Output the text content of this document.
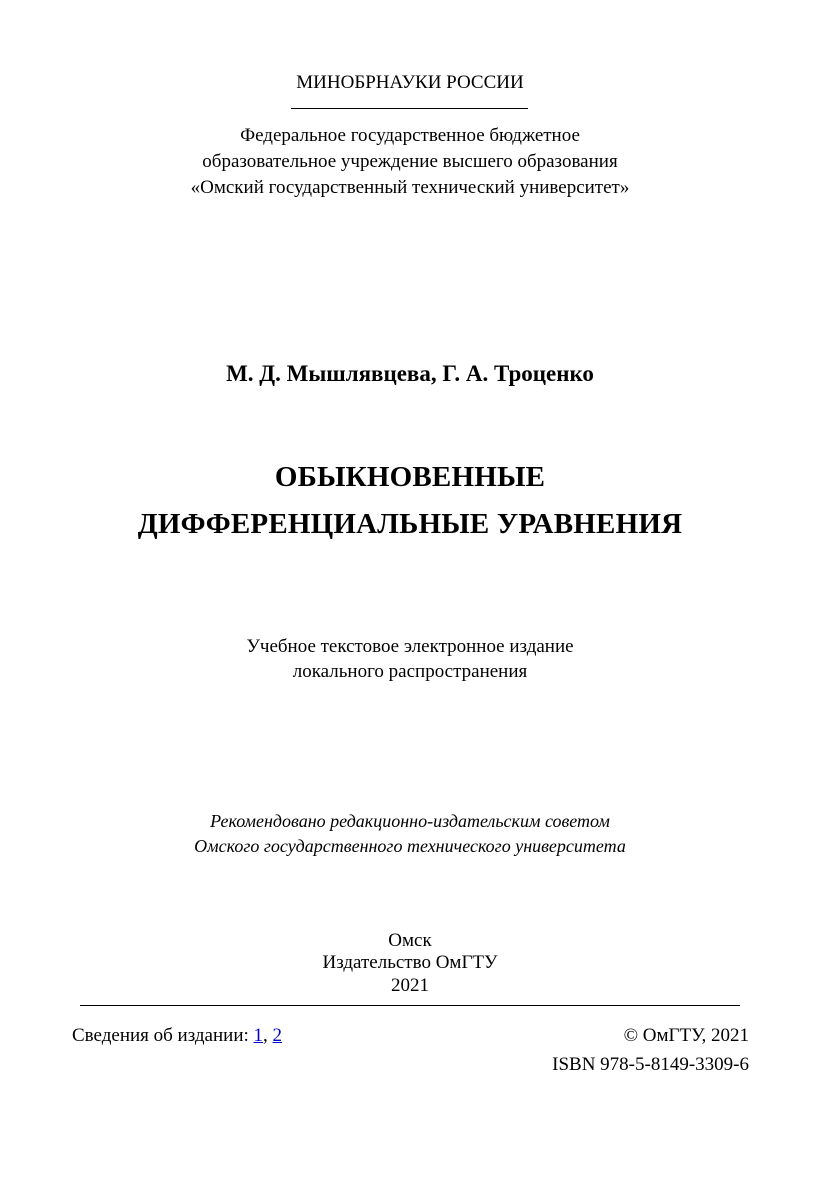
МИНОБРНАУКИ РОССИИ
Федеральное государственное бюджетное
образовательное учреждение высшего образования
«Омский государственный технический университет»
М. Д. Мышлявцева, Г. А. Троценко
ОБЫКНОВЕННЫЕ
ДИФФЕРЕНЦИАЛЬНЫЕ УРАВНЕНИЯ
Учебное текстовое электронное издание
локального распространения
Рекомендовано редакционно-издательским советом
Омского государственного технического университета
Омск
Издательство ОмГТУ
2021
Сведения об издании: 1, 2	© ОмГТУ, 2021
ISBN 978-5-8149-3309-6
